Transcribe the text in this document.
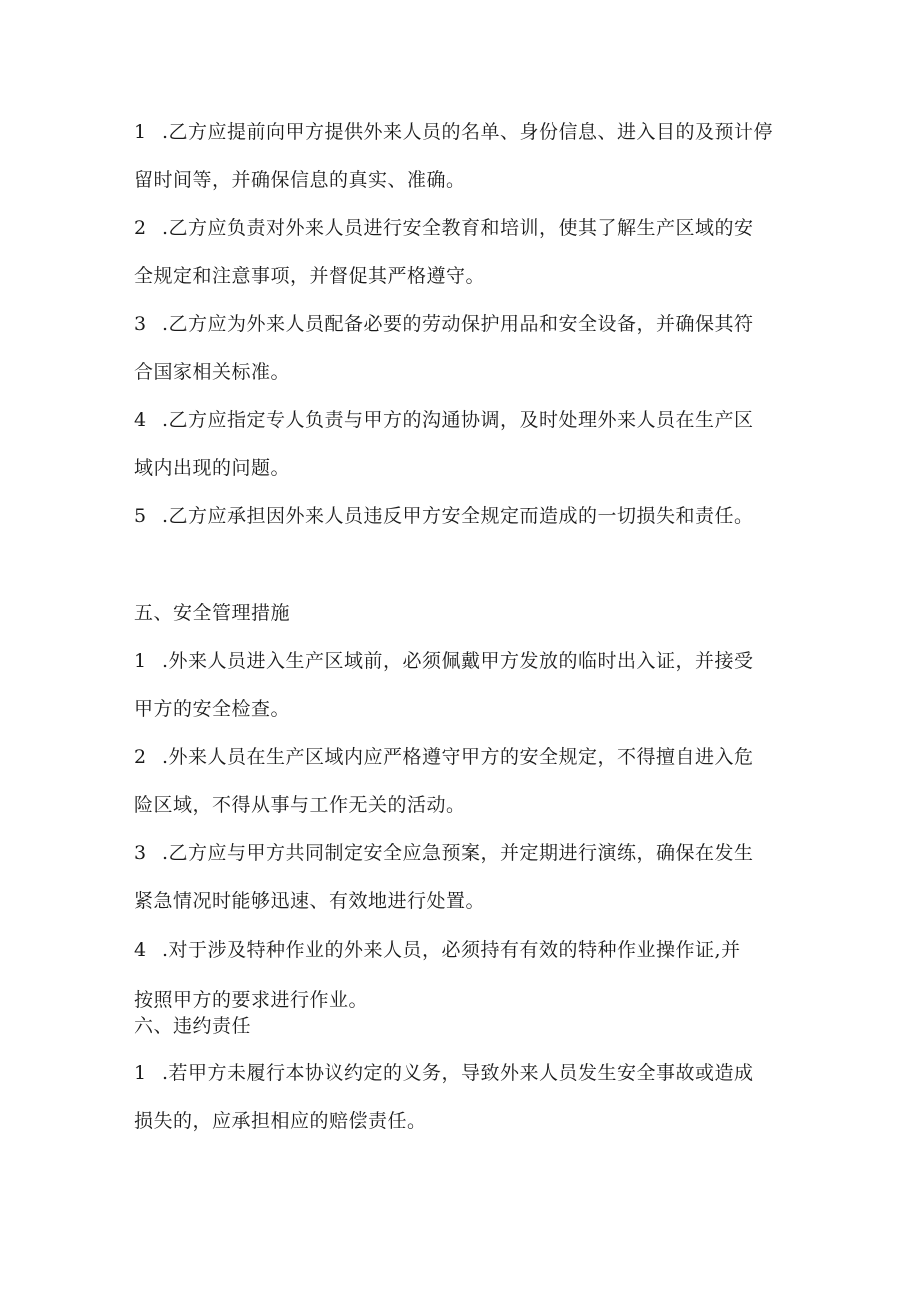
1 .乙方应提前向甲方提供外来人员的名单、身份信息、进入目的及预计停
留时间等，并确保信息的真实、准确。
2 .乙方应负责对外来人员进行安全教育和培训，使其了解生产区域的安
全规定和注意事项，并督促其严格遵守。
3 .乙方应为外来人员配备必要的劳动保护用品和安全设备，并确保其符
合国家相关标准。
4 .乙方应指定专人负责与甲方的沟通协调，及时处理外来人员在生产区
域内出现的问题。
5 .乙方应承担因外来人员违反甲方安全规定而造成的一切损失和责任。
五、安全管理措施
1 .外来人员进入生产区域前，必须佩戴甲方发放的临时出入证，并接受
甲方的安全检查。
2 .外来人员在生产区域内应严格遵守甲方的安全规定，不得擅自进入危
险区域，不得从事与工作无关的活动。
3 .乙方应与甲方共同制定安全应急预案，并定期进行演练，确保在发生
紧急情况时能够迅速、有效地进行处置。
4 .对于涉及特种作业的外来人员，必须持有有效的特种作业操作证,并
按照甲方的要求进行作业。
六、违约责任
1 .若甲方未履行本协议约定的义务，导致外来人员发生安全事故或造成
损失的，应承担相应的赔偿责任。
